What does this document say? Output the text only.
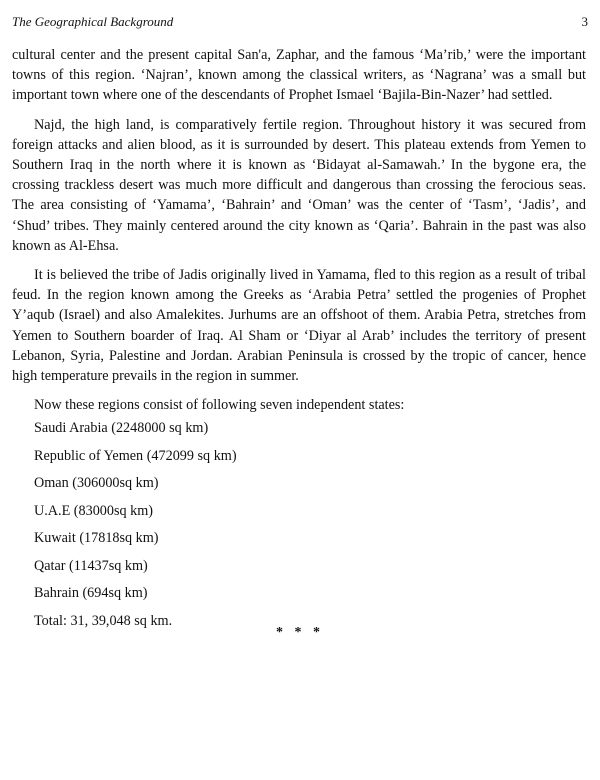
The Geographical Background	3

cultural center and the present capital San'a, Zaphar, and the famous ‘Ma’rib,’ were the important towns of this region. ‘Najran’, known among the classical writers, as ‘Nagrana’ was a small but important town where one of the descendants of Prophet Ismael ‘Bajila-Bin-Nazer’ had settled.

Najd, the high land, is comparatively fertile region. Throughout history it was secured from foreign attacks and alien blood, as it is surrounded by desert. This plateau extends from Yemen to Southern Iraq in the north where it is known as ‘Bidayat al-Samawah.’ In the bygone era, the crossing trackless desert was much more difficult and dangerous than crossing the ferocious seas. The area consisting of ‘Yamama’, ‘Bahrain’ and ‘Oman’ was the center of ‘Tasm’, ‘Jadis’, and ‘Shud’ tribes. They mainly centered around the city known as ‘Qaria’. Bahrain in the past was also known as Al-Ehsa.

It is believed the tribe of Jadis originally lived in Yamama, fled to this region as a result of tribal feud. In the region known among the Greeks as ‘Arabia Petra’ settled the progenies of Prophet Y’aqub (Israel) and also Amalekites. Jurhums are an offshoot of them. Arabia Petra, stretches from Yemen to Southern boarder of Iraq. Al Sham or ‘Diyar al Arab’ includes the territory of present Lebanon, Syria, Palestine and Jordan. Arabian Peninsula is crossed by the tropic of cancer, hence high temperature prevails in the region in summer.

Now these regions consist of following seven independent states:
Saudi Arabia (2248000 sq km)
Republic of Yemen (472099 sq km)
Oman (306000sq km)
U.A.E (83000sq km)
Kuwait (17818sq km)
Qatar (11437sq km)
Bahrain (694sq km)
Total: 31, 39,048 sq km.
* * *
